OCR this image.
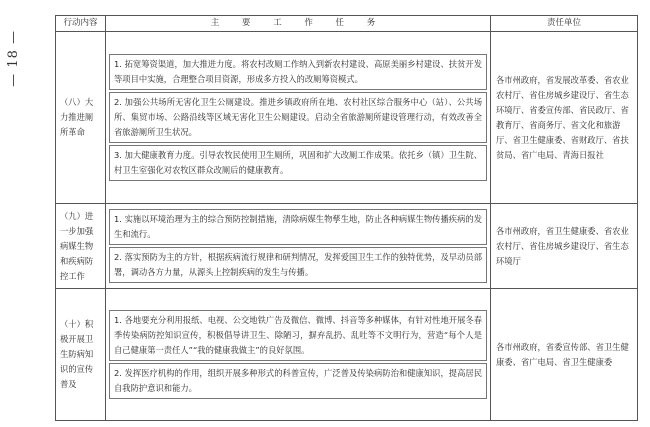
— 18 —
行动内容	主 要 工 作 任 务	责任单位
（八）大力推进厕所革命	1. 拓宽筹资渠道，加大推进力度。将农村改厕工作纳入到新农村建设、高原美丽乡村建设、扶贫开发等项目中实施，合理整合项目资源，形成多方投入的改厕筹资模式。
2. 加强公共场所无害化卫生公厕建设。推进乡镇政府所在地、农村社区综合服务中心（站）、公共场所、集贸市场、公路沿线等区域无害化卫生公厕建设。启动全省旅游厕所建设管理行动，有效改善全省旅游厕所卫生状况。
3. 加大健康教育力度。引导农牧民使用卫生厕所，巩固和扩大改厕工作成果。依托乡（镇）卫生院、村卫生室强化对农牧区群众改厕后的健康教育。	各市州政府，省发展改革委、省农业农村厅、省住房城乡建设厅、省生态环境厅、省委宣传部、省民政厅、省教育厅、省商务厅、省文化和旅游厅、省卫生健康委、省财政厅、省扶贫局、省广电局、青海日报社
（九）进一步加强病媒生物和疾病防控工作	1. 实施以环境治理为主的综合预防控制措施，清除病媒生物孳生地，防止各种病媒生物传播疾病的发生和流行。
2. 落实预防为主的方针，根据疾病流行规律和研判情况，发挥爱国卫生工作的独特优势，及早动员部署，调动各方力量，从源头上控制疾病的发生与传播。	各市州政府，省卫生健康委、省农业农村厅、省住房城乡建设厅、省生态环境厅
（十）积极开展卫生防病知识的宣传普及	1. 各地要充分利用报纸、电视、公交地铁广告及微信、微博、抖音等多种媒体，有针对性地开展冬春季传染病防控知识宣传，积极倡导讲卫生、除陋习，摒弃乱扔、乱吐等不文明行为，营造“每个人是自己健康第一责任人”“我的健康我做主”的良好氛围。
2. 发挥医疗机构的作用，组织开展多种形式的科普宣传，广泛普及传染病防治和健康知识，提高居民自我防护意识和能力。	各市州政府，省委宣传部、省卫生健康委、省广电局、省卫生健康委
